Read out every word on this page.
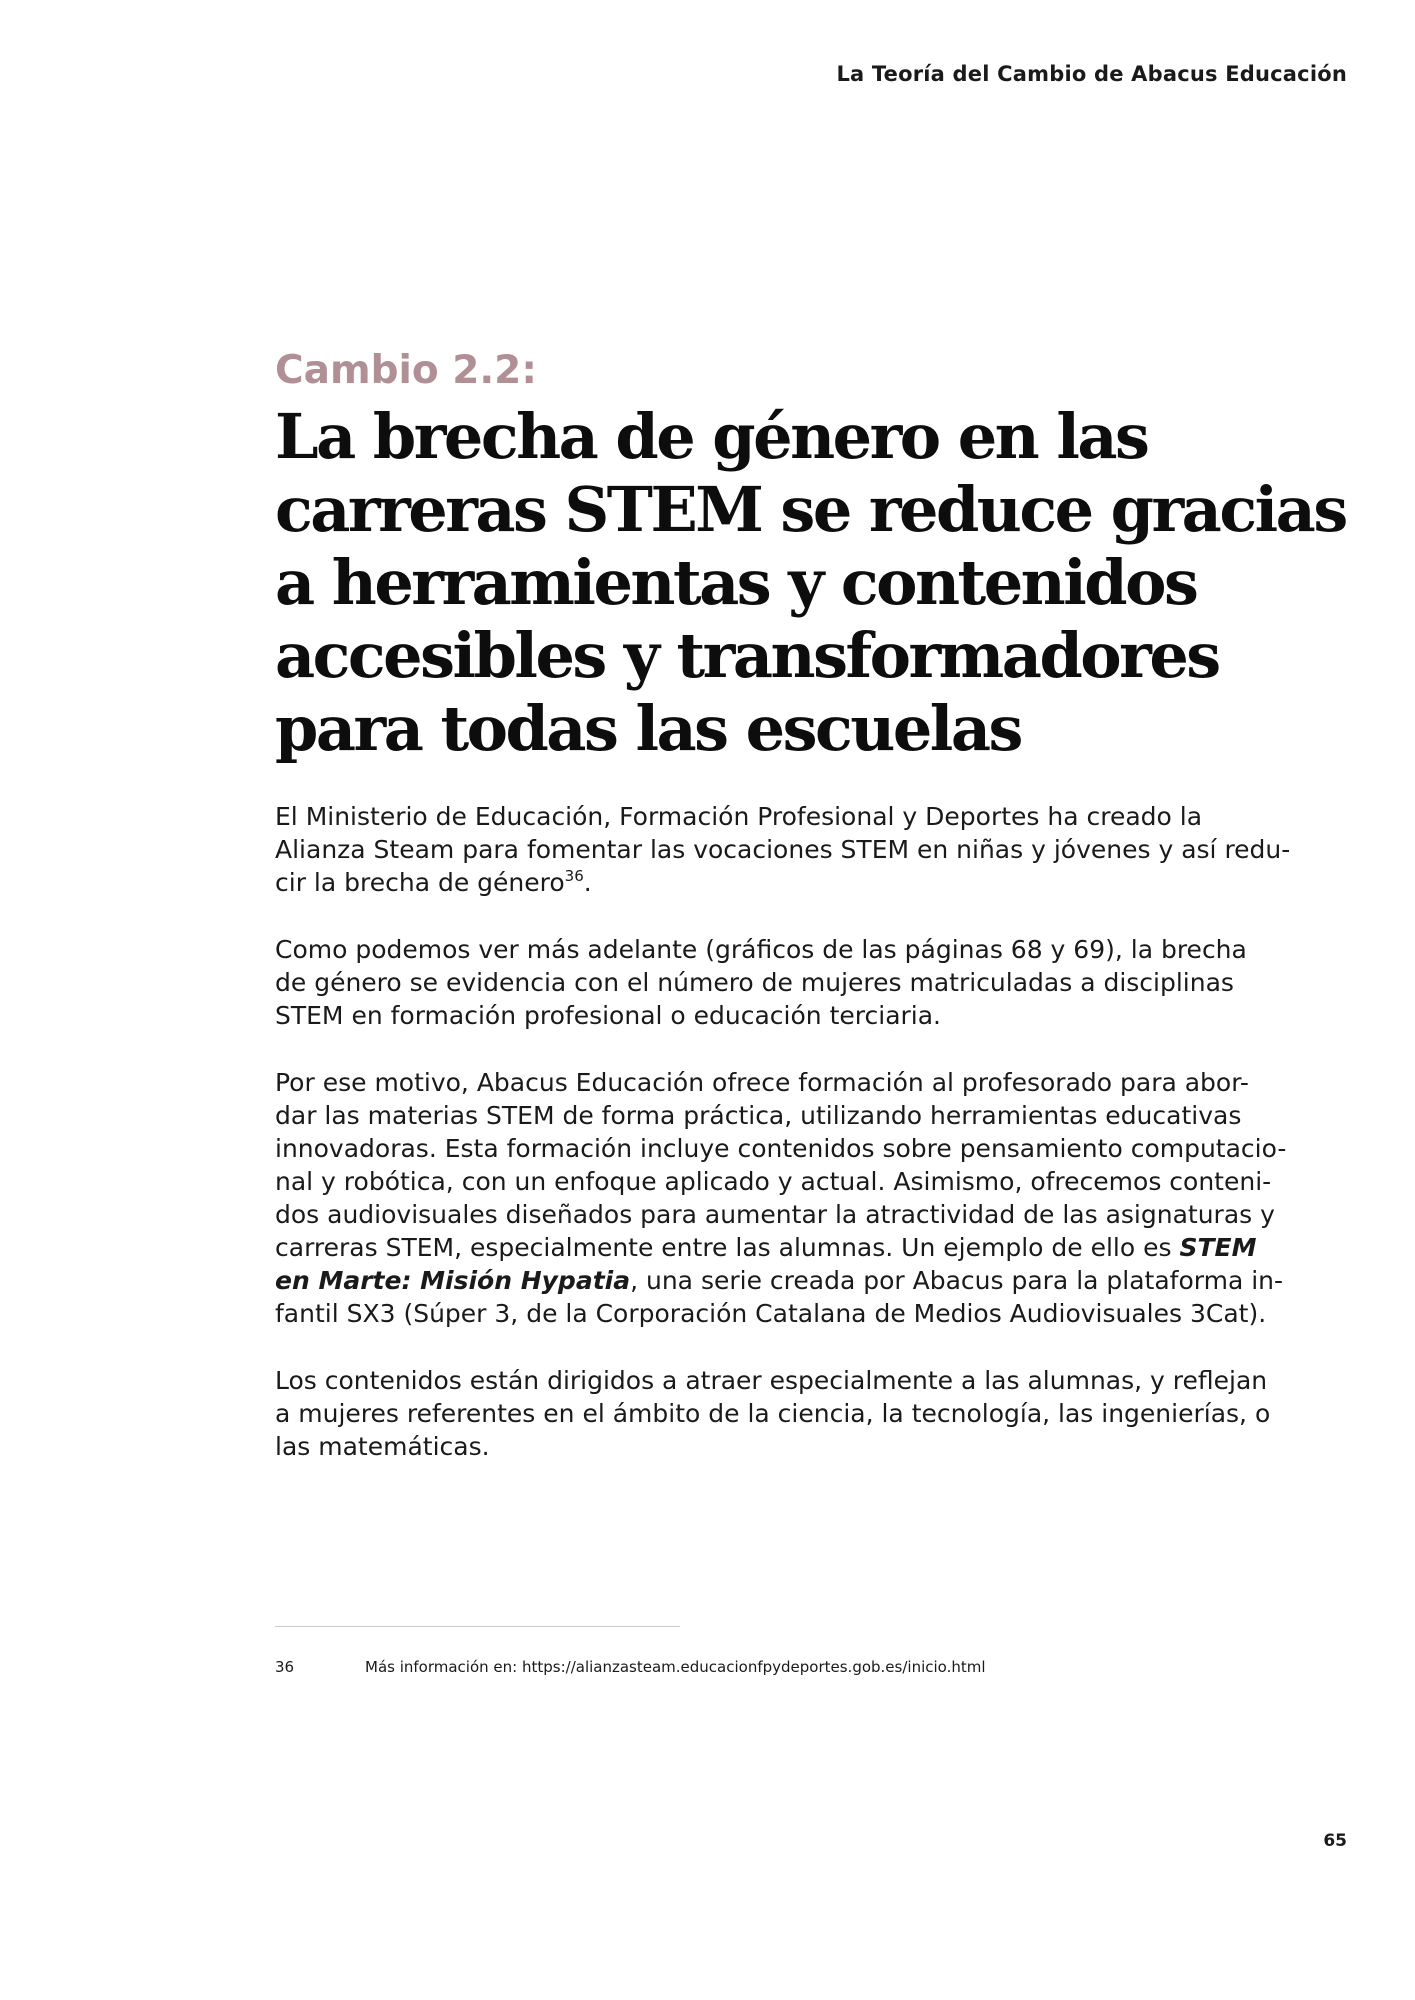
La Teoría del Cambio de Abacus Educación
Cambio 2.2:
La brecha de género en las
carreras STEM se reduce gracias
a herramientas y contenidos
accesibles y transformadores
para todas las escuelas

El Ministerio de Educación, Formación Profesional y Deportes ha creado la
Alianza Steam para fomentar las vocaciones STEM en niñas y jóvenes y así redu-
cir la brecha de género$^{36}$.

Como podemos ver más adelante (gráficos de las páginas 68 y 69), la brecha
de género se evidencia con el número de mujeres matriculadas a disciplinas
STEM en formación profesional o educación terciaria.

Por ese motivo, Abacus Educación ofrece formación al profesorado para abor-
dar las materias STEM de forma práctica, utilizando herramientas educativas
innovadoras. Esta formación incluye contenidos sobre pensamiento computacio-
nal y robótica, con un enfoque aplicado y actual. Asimismo, ofrecemos conteni-
dos audiovisuales diseñados para aumentar la atractividad de las asignaturas y
carreras STEM, especialmente entre las alumnas. Un ejemplo de ello es STEM
en Marte: Misión Hypatia, una serie creada por Abacus para la plataforma in-
fantil SX3 (Súper 3, de la Corporación Catalana de Medios Audiovisuales 3Cat).

Los contenidos están dirigidos a atraer especialmente a las alumnas, y reflejan
a mujeres referentes en el ámbito de la ciencia, la tecnología, las ingenierías, o
las matemáticas.

36	Más información en: https://alianzasteam.educacionfpydeportes.gob.es/inicio.html
65
